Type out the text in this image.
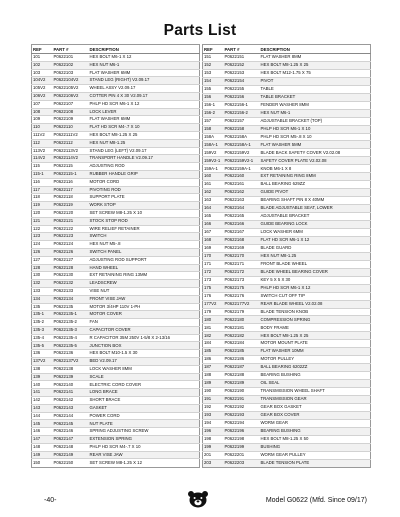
Parts List
REF	PART #	DESCRIPTION
101	P0622101	HEX BOLT M6-1 X 12
102	P0622102	HEX NUT M6-1
103	P0622103	FLAT WASHER 6MM
104V2	P0622104V2	STAND LEG (RIGHT) V2.09.17
105V2	P0622105V2	WHEEL ASSY V2.09.17
106V2	P0622106V2	COTTER PIN 4 X 30 V2.09.17
107	P0622107	PHLP HD SCR M6-1 X 12
108	P0622108	LOCK LEVER
109	P0622109	FLAT WASHER 6MM
110	P0622110	FLAT HD SCR M4-.7 X 10
111V2	P0622111V2	HEX BOLT M8-1.25 X 25
112	P0622112	HEX NUT M8-1.25
113V2	P0622113V2	STAND LEG (LEFT) V2.09.17
114V2	P0622114V2	TRANSPORT HANDLE V2.09.17
115	P0622115	ADJUSTING ROD
115-1	P0622115-1	RUBBER HANDLE GRIP
116	P0622116	MOTOR CORD
117	P0622117	PIVOTING ROD
118	P0622118	SUPPORT PLATE
119	P0622119	WORK STOP
120	P0622120	SET SCREW M8-1.25 X 10
121	P0622121	STOCK STOP ROD
122	P0622122	WIRE RELIEF RETAINER
123	P0622123	SWITCH
124	P0622124	HEX NUT M5-.8
126	P0622126	SWITCH PANEL
127	P0622127	ADJUSTING ROD SUPPORT
128	P0622128	HAND WHEEL
130	P0622130	EXT RETAINING RING 13MM
132	P0622132	LEADSCREW
133	P0622133	VISE NUT
134	P0622134	FRONT VISE JAW
135	P0622135	MOTOR 3/4HP 110V 1-PH
135-1	P0622135-1	MOTOR COVER
135-2	P0622135-2	FAN
135-3	P0622135-3	CAPACITOR COVER
135-4	P0622135-4	R CAPACITOR 35M 250V 1-5/8 X 2-13/16
135-5	P0622135-5	JUNCTION BOX
136	P0622136	HEX BOLT M10-1.5 X 30
137V2	P0622137V2	BED V2.09.17
138	P0622138	LOCK WASHER 8MM
139	P0622139	SCALE
140	P0622140	ELECTRIC CORD COVER
141	P0622141	LONG BRACE
142	P0622142	SHORT BRACE
143	P0622143	GASKET
144	P0622144	POWER CORD
145	P0622145	NUT PLATE
146	P0622146	SPRING ADJUSTING SCREW
147	P0622147	EXTENSION SPRING
148	P0622148	PHLP HD SCR M4-.7 X 10
149	P0622149	REAR VISE JAW
150	P0622150	SET SCREW M8-1.25 X 12
REF	PART #	DESCRIPTION
151	P0622151	FLAT WASHER 8MM
152	P0622152	HEX BOLT M8-1.25 X 25
153	P0622153	HEX BOLT M12-1.75 X 75
154	P0622154	PIVOT
155	P0622155	TABLE
156	P0622156	TABLE BRACKET
156-1	P0622156-1	FENDER WASHER 8MM
156-2	P0622156-2	HEX NUT M6-1
157	P0622157	ADJUSTABLE BRACKET (TOP)
158	P0622158	PHLP HD SCR M6-1 X 10
158A	P0622158A	PHLP HD SCR M5-.8 X 10
158A-1	P0622158A-1	FLAT WASHER 5MM
159V2	P0622159V2	BLADE BACK SAFETY COVER V2.02.08
159V2-1	P0622159V2-1	SAFETY COVER PLATE V2.02.08
159A-1	P0622159A-1	KNOB M6-1 X 8
160	P0622160	EXT RETAINING RING 8MM
161	P0622161	BALL BEARING 629ZZ
162	P0622162	GUIDE PIVOT
163	P0622163	BEARING SHAFT PIN 8 X 40MM
164	P0622164	BLADE ADJUSTABLE SEAT, LOWER
165	P0622165	ADJUSTABLE BRACKET
166	P0622166	GUIDE BEARING LOCK
167	P0622167	LOCK WASHER 6MM
168	P0622168	FLAT HD SCR M6-1 X 12
169	P0622169	BLADE GUARD
170	P0622170	HEX NUT M8-1.25
171	P0622171	FRONT BLADE WHEEL
172	P0622172	BLADE WHEEL BEARING COVER
173	P0622173	KEY 5 X 5 X 30
175	P0622175	PHLP HD SCR M6-1 X 12
176	P0622176	SWITCH CUT OFF TIP
177V2	P0622177V2	REAR BLADE WHEEL V2.02.08
179	P0622179	BLADE TENSION KNOB
180	P0622180	COMPRESSION SPRING
181	P0622181	BODY FRAME
182	P0622182	HEX BOLT M8-1.25 X 25
184	P0622184	MOTOR MOUNT PLATE
185	P0622185	FLAT WASHER 10MM
186	P0622186	MOTOR PULLEY
187	P0622187	BALL BEARING 6202ZZ
188	P0622188	BEARING BUSHING
189	P0622189	OIL SEAL
190	P0622190	TRANSMISSION WHEEL SHAFT
191	P0622191	TRANSMISSION GEAR
192	P0622192	GEAR BOX GASKET
193	P0622193	GEAR BOX COVER
194	P0622194	WORM GEAR
196	P0622196	BEARING BUSHING
198	P0622198	HEX BOLT M8-1.25 X 50
199	P0622199	BUSHING
201	P0622201	WORM GEAR PULLEY
203	P0622203	BLADE TENSION PLATE
-40-	Model G0622 (Mfd. Since 09/17)
